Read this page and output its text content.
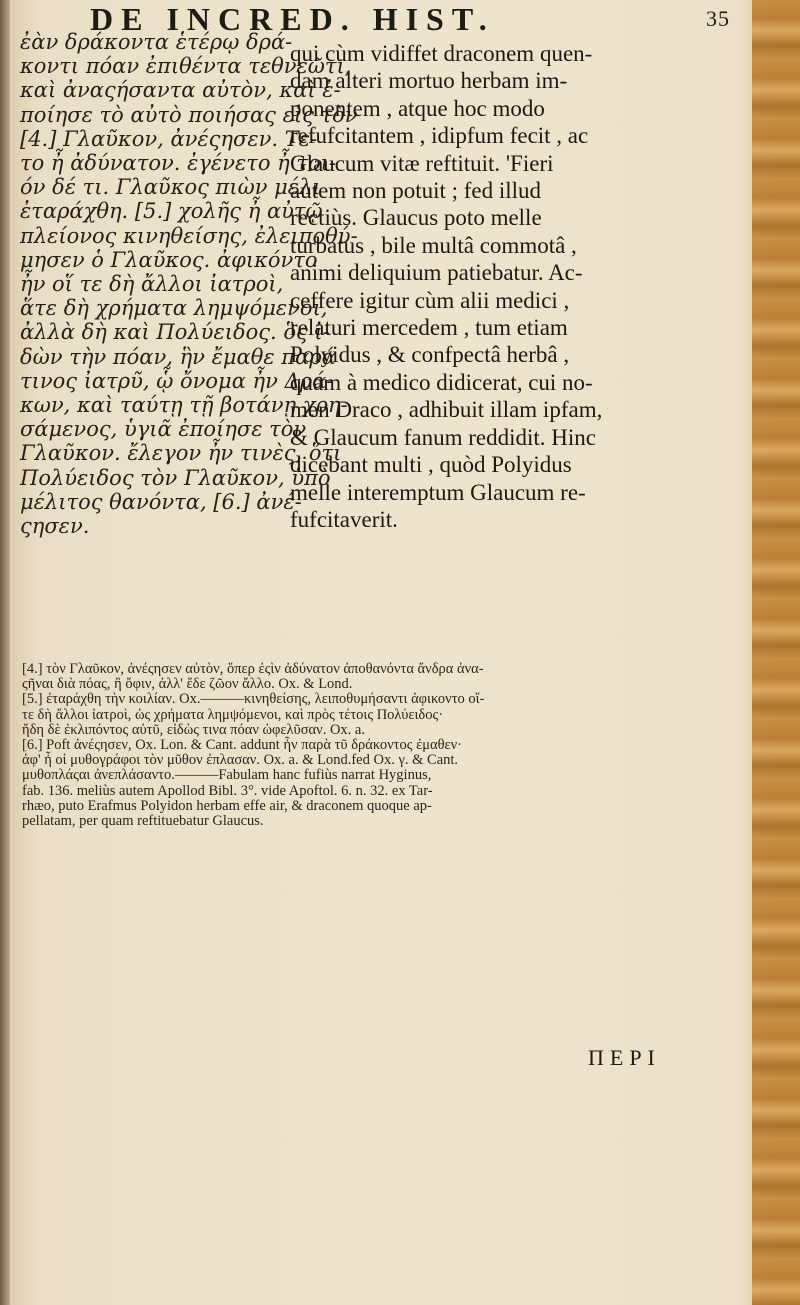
DE INCRED. HIST.	35
ἐὰν δράκοντα ἑτέρῳ δρά-
κοντι πόαν ἐπιθέντα τεθνεῶτι,
καὶ ἀναςήσαντα αὐτὸν, καὶ ἐ-
ποίησε τὸ αὐτὸ ποιήσας εἰς τὸν
[4.] Γλαῦκον, ἀνέςησεν. Τε-
το ἦ ἀδύνατον. ἐγένετο ἦ τοι-
όν δέ τι. Γλαῦκος πιὼν μέλι
ἐταράχθη. [5.] χολῆς ἦ αὐτῷ
πλείονος κινηθείσης, ἐλειποθύ-
μησεν ὁ Γλαῦκος. ἀφικόντο
ἦν οἵ τε δὴ ἄλλοι ἰατροὶ,
ἅτε δὴ χρήματα λημψόμενοι,
ἀλλὰ δὴ καὶ Πολύειδος. ὃς ἰ-
δὼν τὴν πόαν, ἣν ἔμαθε παρά
τινος ἰατρῦ, ᾧ ὄνομα ἦν Δρά-
κων, καὶ ταύτῃ τῇ βοτάνῃ χρη-
σάμενος, ὑγιᾶ ἐποίησε τὸν
Γλαῦκον. ἔλεγον ἦν τινὲς, ὅτι
Πολύειδος τὸν Γλαῦκον, ὑπὸ
μέλιτος θανόντα, [6.] ἀνέ-
ςησεν.
qui cùm vidiffet draconem quen-
dam alteri mortuo herbam im-
ponentem , atque hoc modo
refufcitantem , idipfum fecit , ac
Glaucum vitæ reftituit. 'Fieri
autem non potuit ; fed illud
rectiùs. Glaucus poto melle
turbatus , bile multâ commotâ ,
animi deliquium patiebatur. Ac-
ceffere igitur cùm alii medici ,
relaturi mercedem , tum etiam
Polyidus , & confpectâ herbâ ,
quam à medico didicerat, cui no-
men Draco , adhibuit illam ipfam,
& Glaucum fanum reddidit. Hinc
dicebant multi , quòd Polyidus
melle interemptum Glaucum re-
fufcitaverit.
[4.] τὸν Γλαῦκον, ἀνέςησεν αὐτὸν, ὅπερ ἐςὶν ἀδύνατον ἀποθανόντα ἄνδρα ἀνα-
ςῆναι διὰ πόας, ἢ ὄφιν, ἀλλ' ἔδε ζῶον ἄλλο. Ox. & Lond.
[5.] ἐταράχθη τὴν κοιλίαν. Ox.———κινηθείσης, λειποθυμήσαντι ἀφικοντο οἵ-
τε δὴ ἄλλοι ἰατροὶ, ὡς χρήματα λημψόμενοι, καὶ πρὸς τέτοις Πολύειδος·
ἤδη δὲ ἐκλιπόντος αὐτῦ, εἰδὼς τινα πόαν ὠφελῦσαν. Ox. a.
[6.] Poft ἀνέςησεν, Ox. Lon. & Cant. addunt ἦν παρὰ τῦ δράκοντος ἐμαθεν·
ἀφ' ἦ οἱ μυθογράφοι τὸν μῦθον ἐπλασαν. Ox. a. & Lond.fed Ox. γ. & Cant.
μυθοπλάςαι ἀνεπλάσαντο.———Fabulam hanc fufiùs narrat Hyginus,
fab. 136. meliùs autem Apollod Bibl. 3°. vide Apoftol. 6. n. 32. ex Tar-
rhæo, puto Erafmus Polyidon herbam effe air, & draconem quoque ap-
pellatam, per quam reftituebatur Glaucus.
ΠΕΡΙ
